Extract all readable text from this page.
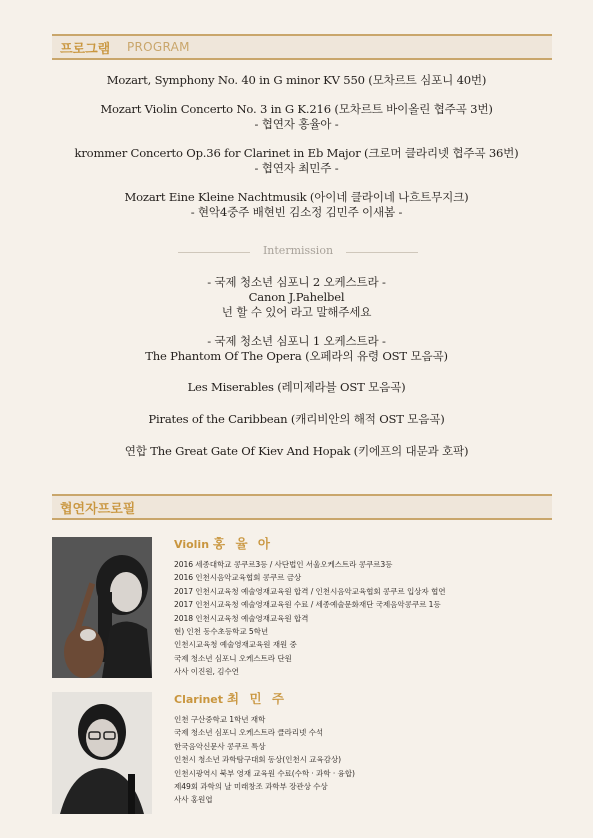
프로그램 PROGRAM

Mozart, Symphony No. 40 in G minor KV 550 (모차르트 심포니 40번)

Mozart Violin Concerto No. 3 in G K.216 (모차르트 바이올린 협주곡 3번)

- 협연자 홍율아 -

krommer Concerto Op.36 for Clarinet in Eb Major (크로머 클라리넷 협주곡 36번)

- 협연자 최민주 -

Mozart Eine Kleine Nachtmusik (아이네 클라이네 나흐트무지크)

- 현악4중주 배현빈 김소정 김민주 이새봄 -

Intermission

- 국제 청소년 심포니 2 오케스트라 -

Canon J.Pahelbel

넌 할 수 있어 라고 말해주세요

- 국제 청소년 심포니 1 오케스트라 -

The Phantom Of The Opera (오페라의 유령 OST 모음곡)

Les Miserables (레미제라블 OST 모음곡)

Pirates of the Caribbean (캐리비안의 해적 OST 모음곡)

연합 The Great Gate Of Kiev And Hopak (키에프의 대문과 호팍)

협연자프로필

Violin 홍 율 아

2016 세종대학교 콩쿠르3등 / 사단법인 서울오케스트라 콩쿠르3등

2016 인천시음악교육협회 콩쿠르 금상

2017 인천시교육청 예술영재교육원 합격 / 인천시음악교육협회 콩쿠르 입상자 협연

2017 인천시교육청 예술영재교육원 수료 / 세종예술문화재단 국제음악콩쿠르 1등

2018 인천시교육청 예술영재교육원 합격

현) 인천 동수초등학교 5학년

인천시교육청 예술영재교육원 재원 중

국제 청소년 심포니 오케스트라 단원

사사 이진원, 김수연

Clarinet 최 민 주

인천 구산중학교 1학년 재학

국제 청소년 심포니 오케스트라 클라리넷 수석

한국음악신문사 콩쿠르 특상

인천시 청소년 과학탐구대회 동상(인천시 교육감상)

인천시광역시 북부 영재 교육원 수료(수학 · 과학 · 융합)

제49회 과학의 날 미래창조 과학부 장관상 수상

사사 홍원엽
